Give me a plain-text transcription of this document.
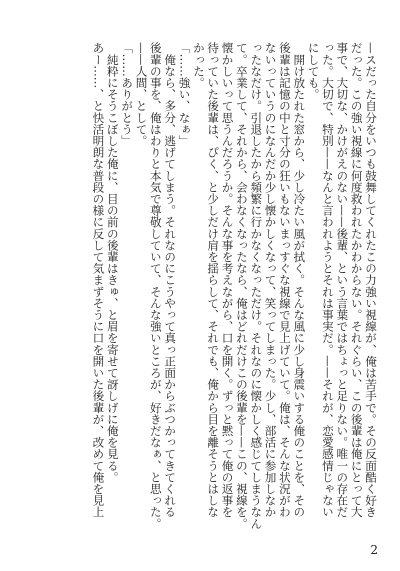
—スだった自分をいつも鼓舞してくれたこの力強い視線が、俺は苦手で。その反面酷く好き
だった。この強い視線に何度救われたかわからない。それぐらい、この後輩は俺にとって大
事で、大切な、かけがえのない——後輩、という言葉ではちょっと足りない。唯一の存在だ
った。大切で、特別——なんと言われようとそれは事実だ。——それが、恋愛感情じゃない
にしても。
　開け放たれた窓から、少し冷たい風が拭く。そんな風に少し身震いする俺のことを、その
後輩は記憶の中と寸分の狂いもないまっすぐな視線で見上げていて。俺は、そんな状況がわ
ないっていうのになんだか少し懐かしくなって、笑ってしまった。少し、部活に参加しなか
ったなだけ。引退したから頻繁に行かなくなっただけ。それなのに懐かしく感じてしまうなん
て。卒業して、それから、会わなくなったなら、俺はどれだけこの後輩を——この、視線を。
懐かしいって思うんだろうか。そんな事を考えながら、口を開く。ずっと黙って俺の返事を
待っていた後輩は、ぴく、と少しだけ肩を揺らして、それでも、俺から目を離そうとはしな
かった。
「……強い、なぁ」
　俺なら、多分、逃げてしまう。それなのにこうやって真っ正面からぶつかってきてくれる
後輩の事を、俺はわりと本気で尊敬していて、そんな強いところが、好きだなぁ、と思った。
——人間、として。
「……ありがとう」
　純粋にそうこぼした俺に、目の前の後輩はきゅ、と眉を寄せて訝しげに俺を見る。
あー……、と快活明朗な普段の様に反して気まずそうに口を開いた後輩が、改めて俺を見上
2
